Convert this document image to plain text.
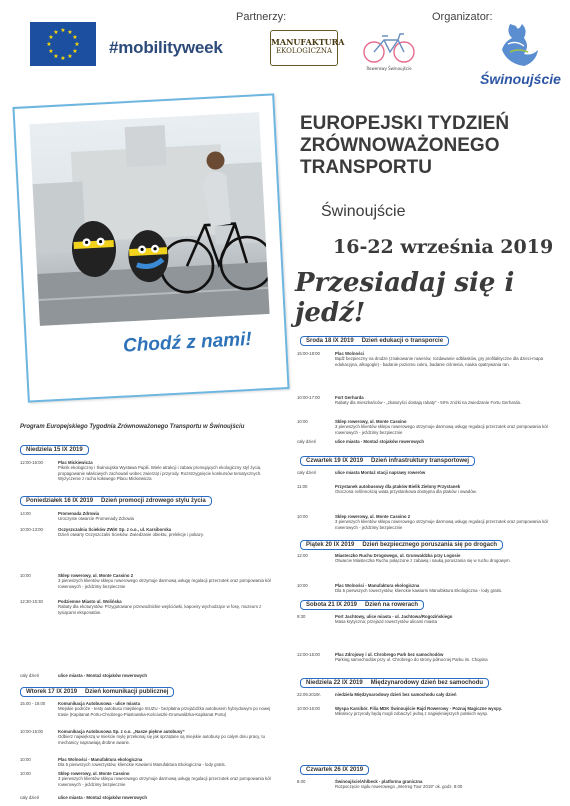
★ ★
★
★
★
★
★
★
★
★
★
★
#mobilityweek
Partnerzy:
MANUFAKTURA
EKOLOGICZNA
Rowerowy Świnoujście
Organizator:
Świnoujście
Chodź z nami!
EUROPEJSKI TYDZIEŃ
ZRÓWNOWAŻONEGO
TRANSPORTU
Świnoujście
16-22 września 2019
Przesiadaj się i jedź!
Program Europejskiego Tygodnia Zrównoważonego Transportu w Świnoujściu
Niedziela 15 IX 2019
12:00-16:00	Plac Mickiewicza
Piknik ekologiczny i Świnoujska Wystawa Pupili. Wiele atrakcji i zabaw promujących ekologiczny styl życia, propagowanie właściwych zachowań wobec zwierząt i przyrody. Rozstrzygnięcie konkursów tematycznych. Wyżyczenie z ruchu kołowego Placu Mickiewicza
Poniedziałek 16 IX 2019 Dzień promocji zdrowego stylu życia
14:00	Promenada Zdrowia
Uroczyste otwarcie Promenady Zdrowia
10:00-13:00	Oczyszczalnia Ścieków ZWiK Sp. z o.o., ul. Karsiborska
Dzień otwarty Oczyszczalni Ścieków. Zwiedzanie obiektu, prelekcje i pokazy.
10:00	Sklep rowerowy, ul. Monte Cassino 2
3 pierwszych klientów sklepu rowerowego otrzymuje darmową usługę regulacji przerzutek oraz pompowania kół rowerowych - jeździmy bezpiecznie
12:30-15:30	Podziemne Miasto ul. Wolińska
Rabaty dla ekoturystów. Przygotowane przewodnickie wejściówki, kapoeiry wychodzące w fosę, muzeum z tysiącami eksponatów.
cały dzień	ulice miasta - Montaż stojaków rowerowych
Wtorek 17 IX 2019 Dzień komunikacji publicznej
15.00 - 18.00	Komunikacja Autobusowa - ulice miasta
Miejskie podróże - testy autobusu miejskiego ISUZU - bezpłatna przejażdżka autobusem hybrydowym po nowej trasie (Kapitanat Portu-Chrobrego-Piastowska-Kościuszki-Grunwaldzka-Kapitanat Portu)
10:00-15:00	Komunikacja Autobusowa Sp. z o.o. „Nasze piękne autobusy”
Odbierz największą w mieście mylę przekonaj się jak sprzątane są miejskie autobusy po całym dniu pracy, tu mechanicy naprawiają drobne awarie.
10:00	Plac Wolności - Manufaktura ekologiczna
Dla 5 pierwszych rowerzystów, klienckie Kawiarni Manufaktura Ekologiczna - lody gratis.
10:00	Sklep rowerowy, ul. Monte Cassino
3 pierwszych klientów sklepu rowerowego otrzymuje darmową usługę regulacji przerzutek oraz pompowania kół rowerowych - jeździmy bezpiecznie
cały dzień	ulice miasta - Montaż stojaków rowerowych
Środa 18 IX 2019 Dzień edukacji o transporcie
15:00-18:00	Plac Wolności
Bądź bezpieczny na drodze (znakowanie rowerów, rozdawanie odblasków, gry profilaktyczne dla dzieci-mapa edukacyjna, alkogogle) - badanie poziomu cukru, badanie ciśnienia, nauka opatrywania ran.
10:00-17:00	Fort Gerharda
Rabaty dla mieszkańców - „zkaturyści dostają rabaty” - 50% zniżki na zwiedzanie Fortu Gerharda.
10:00	Sklep rowerowy, ul. Monte Cassino
3 pierwszych klientów sklepu rowerowego otrzymuje darmową usługę regulacji przerzutek oraz pompowania kół rowerowych - jeździmy bezpiecznie
cały dzień	ulice miasta - Montaż stojaków rowerowych
Czwartek 19 IX 2019 Dzień infrastruktury transportowej
cały dzień	ulice miasta Montaż stacji naprawy rowerów
11:00	Przystanek autobusowy dla ptaków Bielik Zielony Przystanek
Otoczona roślinnością wiata przystankowa dostępna dla ptaków i owadów.
10:00	Sklep rowerowy, ul. Monte Cassino 2
3 pierwszych klientów sklepu rowerowego otrzymuje darmową usługę regulacji przerzutek oraz pompowania kół rowerowych - jeździmy bezpiecznie
Piątek 20 IX 2019 Dzień bezpiecznego poruszania się po drogach
12:00	Miasteczko Ruchu Drogowego, ul. Grunwaldzka przy Logosie
Otwarcie Miasteczka Ruchu połączone z zabawą i nauką poruszania się w ruchu drogowym.
10:00	Plac Wolności - Manufaktura ekologiczna
Dla 5 pierwszych rowerzystów, klienckie kawiarni Manufaktura Ekologiczna - lody gratis.
Sobota 21 IX 2019 Dzień na rowerach
9:30	Port Jachtowy, ulice miasta - ul. Jachtowa/Rogozińskiego
Masa krytyczna; przejazd rowerzystów ulicami miasta
12:00-15:00	Plac Zdrojowy i ul. Chrobrego Park bez samochodów
Parking samochodów przy ul. Chrobrego do strony północnej Parku im. Chopina
Niedziela 22 IX 2019 Międzynarodowy dzień bez samochodu
22.09.2019r.	niedziela Międzynarodowy dzień bez samochodu cały dzień
10:00-16:00	Wyspa Karsibór. Filia MDK Świnoujście Rajd Rowerowy - Poznaj Magiczne wyspy.
Miłośnicy przyrody będą mogli zobaczyć jedną z najpiękniejszych polskich wysp.
Czwartek 26 IX 2019
8.00	Świnoujście/Ahlbeck - platforma graniczna
Rozpoczęcie rajdu rowerowego „Interreg Tour 2019” ok. godz. 8:00
